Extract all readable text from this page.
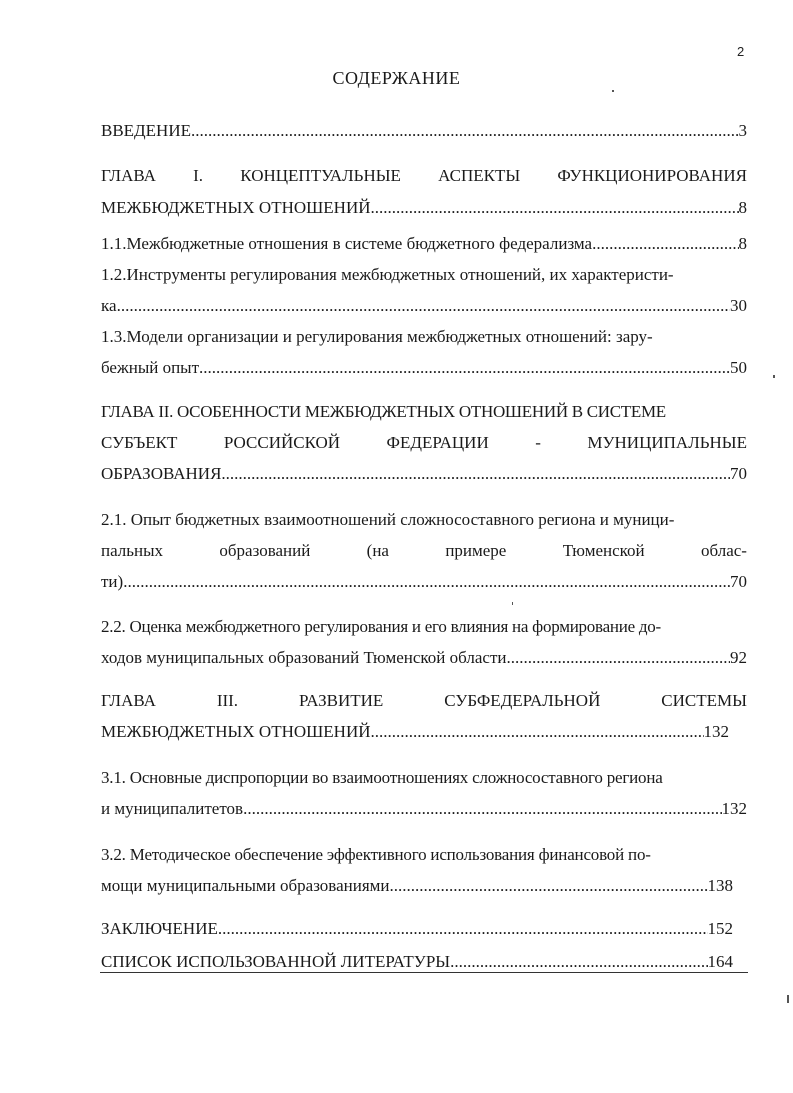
2
СОДЕРЖАНИЕ
ВВЕДЕНИЕ .....	3
ГЛАВА I. КОНЦЕПТУАЛЬНЫЕ АСПЕКТЫ ФУНКЦИОНИРОВАНИЯ
МЕЖБЮДЖЕТНЫХ ОТНОШЕНИЙ .....	8
1.1.Межбюджетные отношения в системе бюджетного федерализма .....	8
1.2.Инструменты регулирования межбюджетных отношений, их характеристи-
ка .....	30
1.3.Модели организации и регулирования межбюджетных отношений: зару-
бежный опыт .....	50
ГЛАВА II. ОСОБЕННОСТИ МЕЖБЮДЖЕТНЫХ ОТНОШЕНИЙ В СИСТЕМЕ
СУБЪЕКТ	РОССИЙСКОЙ	ФЕДЕРАЦИИ	-	МУНИЦИПАЛЬНЫЕ
ОБРАЗОВАНИЯ .....	70
2.1. Опыт бюджетных взаимоотношений сложносоставного региона и муници-
пальных	образований	(на	примере	Тюменской	облас-
ти) .....	70
2.2. Оценка межбюджетного регулирования и его влияния на формирование до-
ходов муниципальных образований Тюменской области .....	92
ГЛАВА	III.	РАЗВИТИЕ	СУБФЕДЕРАЛЬНОЙ	СИСТЕМЫ
МЕЖБЮДЖЕТНЫХ ОТНОШЕНИЙ .....	132
3.1. Основные диспропорции во взаимоотношениях сложносоставного региона
и муниципалитетов .....	132
3.2. Методическое обеспечение эффективного использования финансовой по-
мощи муниципальными образованиями .....	138
ЗАКЛЮЧЕНИЕ .....	152
СПИСОК ИСПОЛЬЗОВАННОЙ ЛИТЕРАТУРЫ .....	164
